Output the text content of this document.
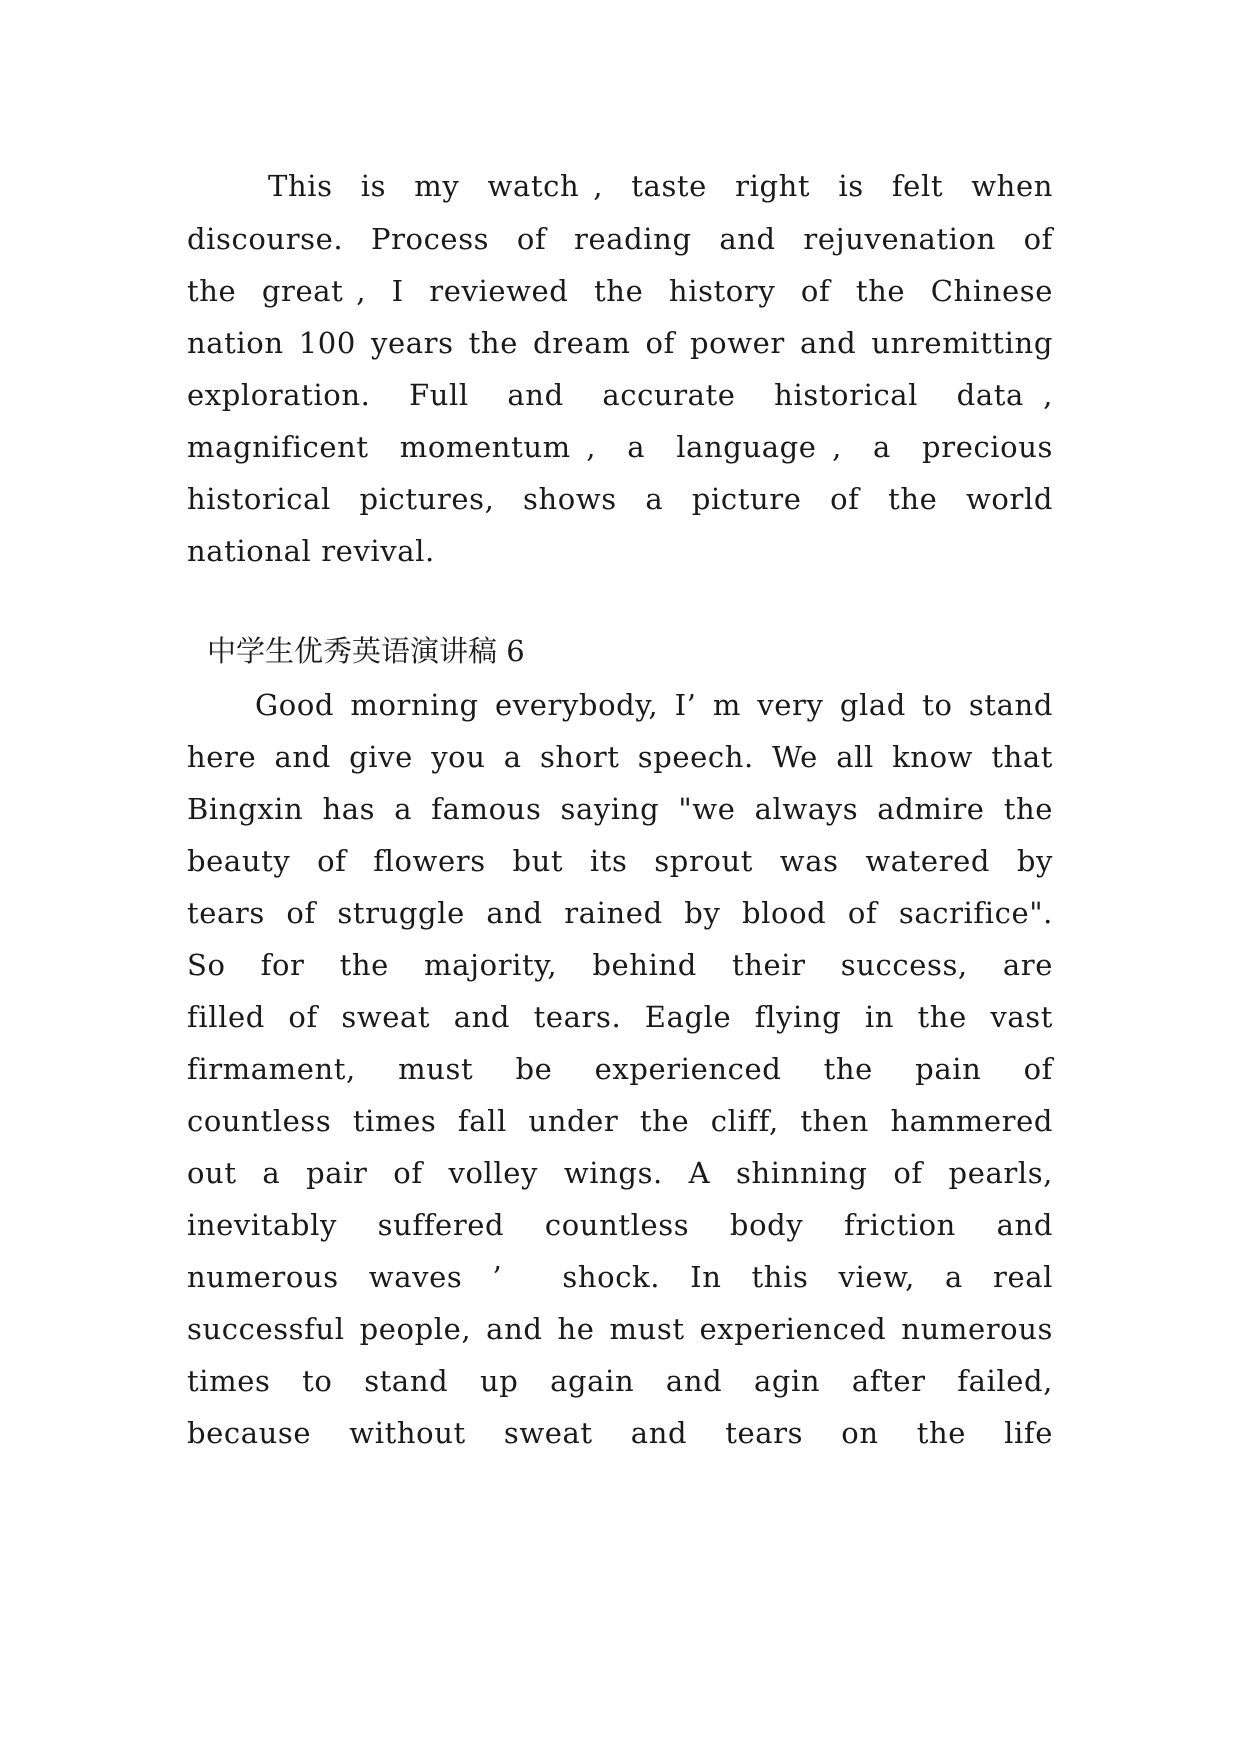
This  is  my  watch ,  taste  right  is  felt  when
discourse.  Process  of  reading  and  rejuvenation  of
the  great ,  I  reviewed  the  history  of  the  Chinese
nation 100 years the dream of power and unremitting
exploration.  Full  and  accurate  historical  data ,
magnificent  momentum ,  a  language ,  a  precious
historical pictures, shows a picture of the world
national revival.
中学生优秀英语演讲稿 6
Good morning everybody, I’ m very glad to stand
here and give you a short speech. We all know that
Bingxin has a famous saying "we always admire the
beauty of flowers but its sprout was watered by
tears of struggle and rained by blood of sacrifice".
So for the majority, behind their success, are
filled of sweat and tears. Eagle flying in the vast
firmament, must be experienced the pain of
countless times fall under the cliff, then hammered
out a pair of volley wings. A shinning of pearls,
inevitably suffered countless body friction and
numerous waves ’  shock. In this view, a real
successful people, and he must experienced numerous
times to stand up again and agin after failed,
because without sweat and tears on the life
